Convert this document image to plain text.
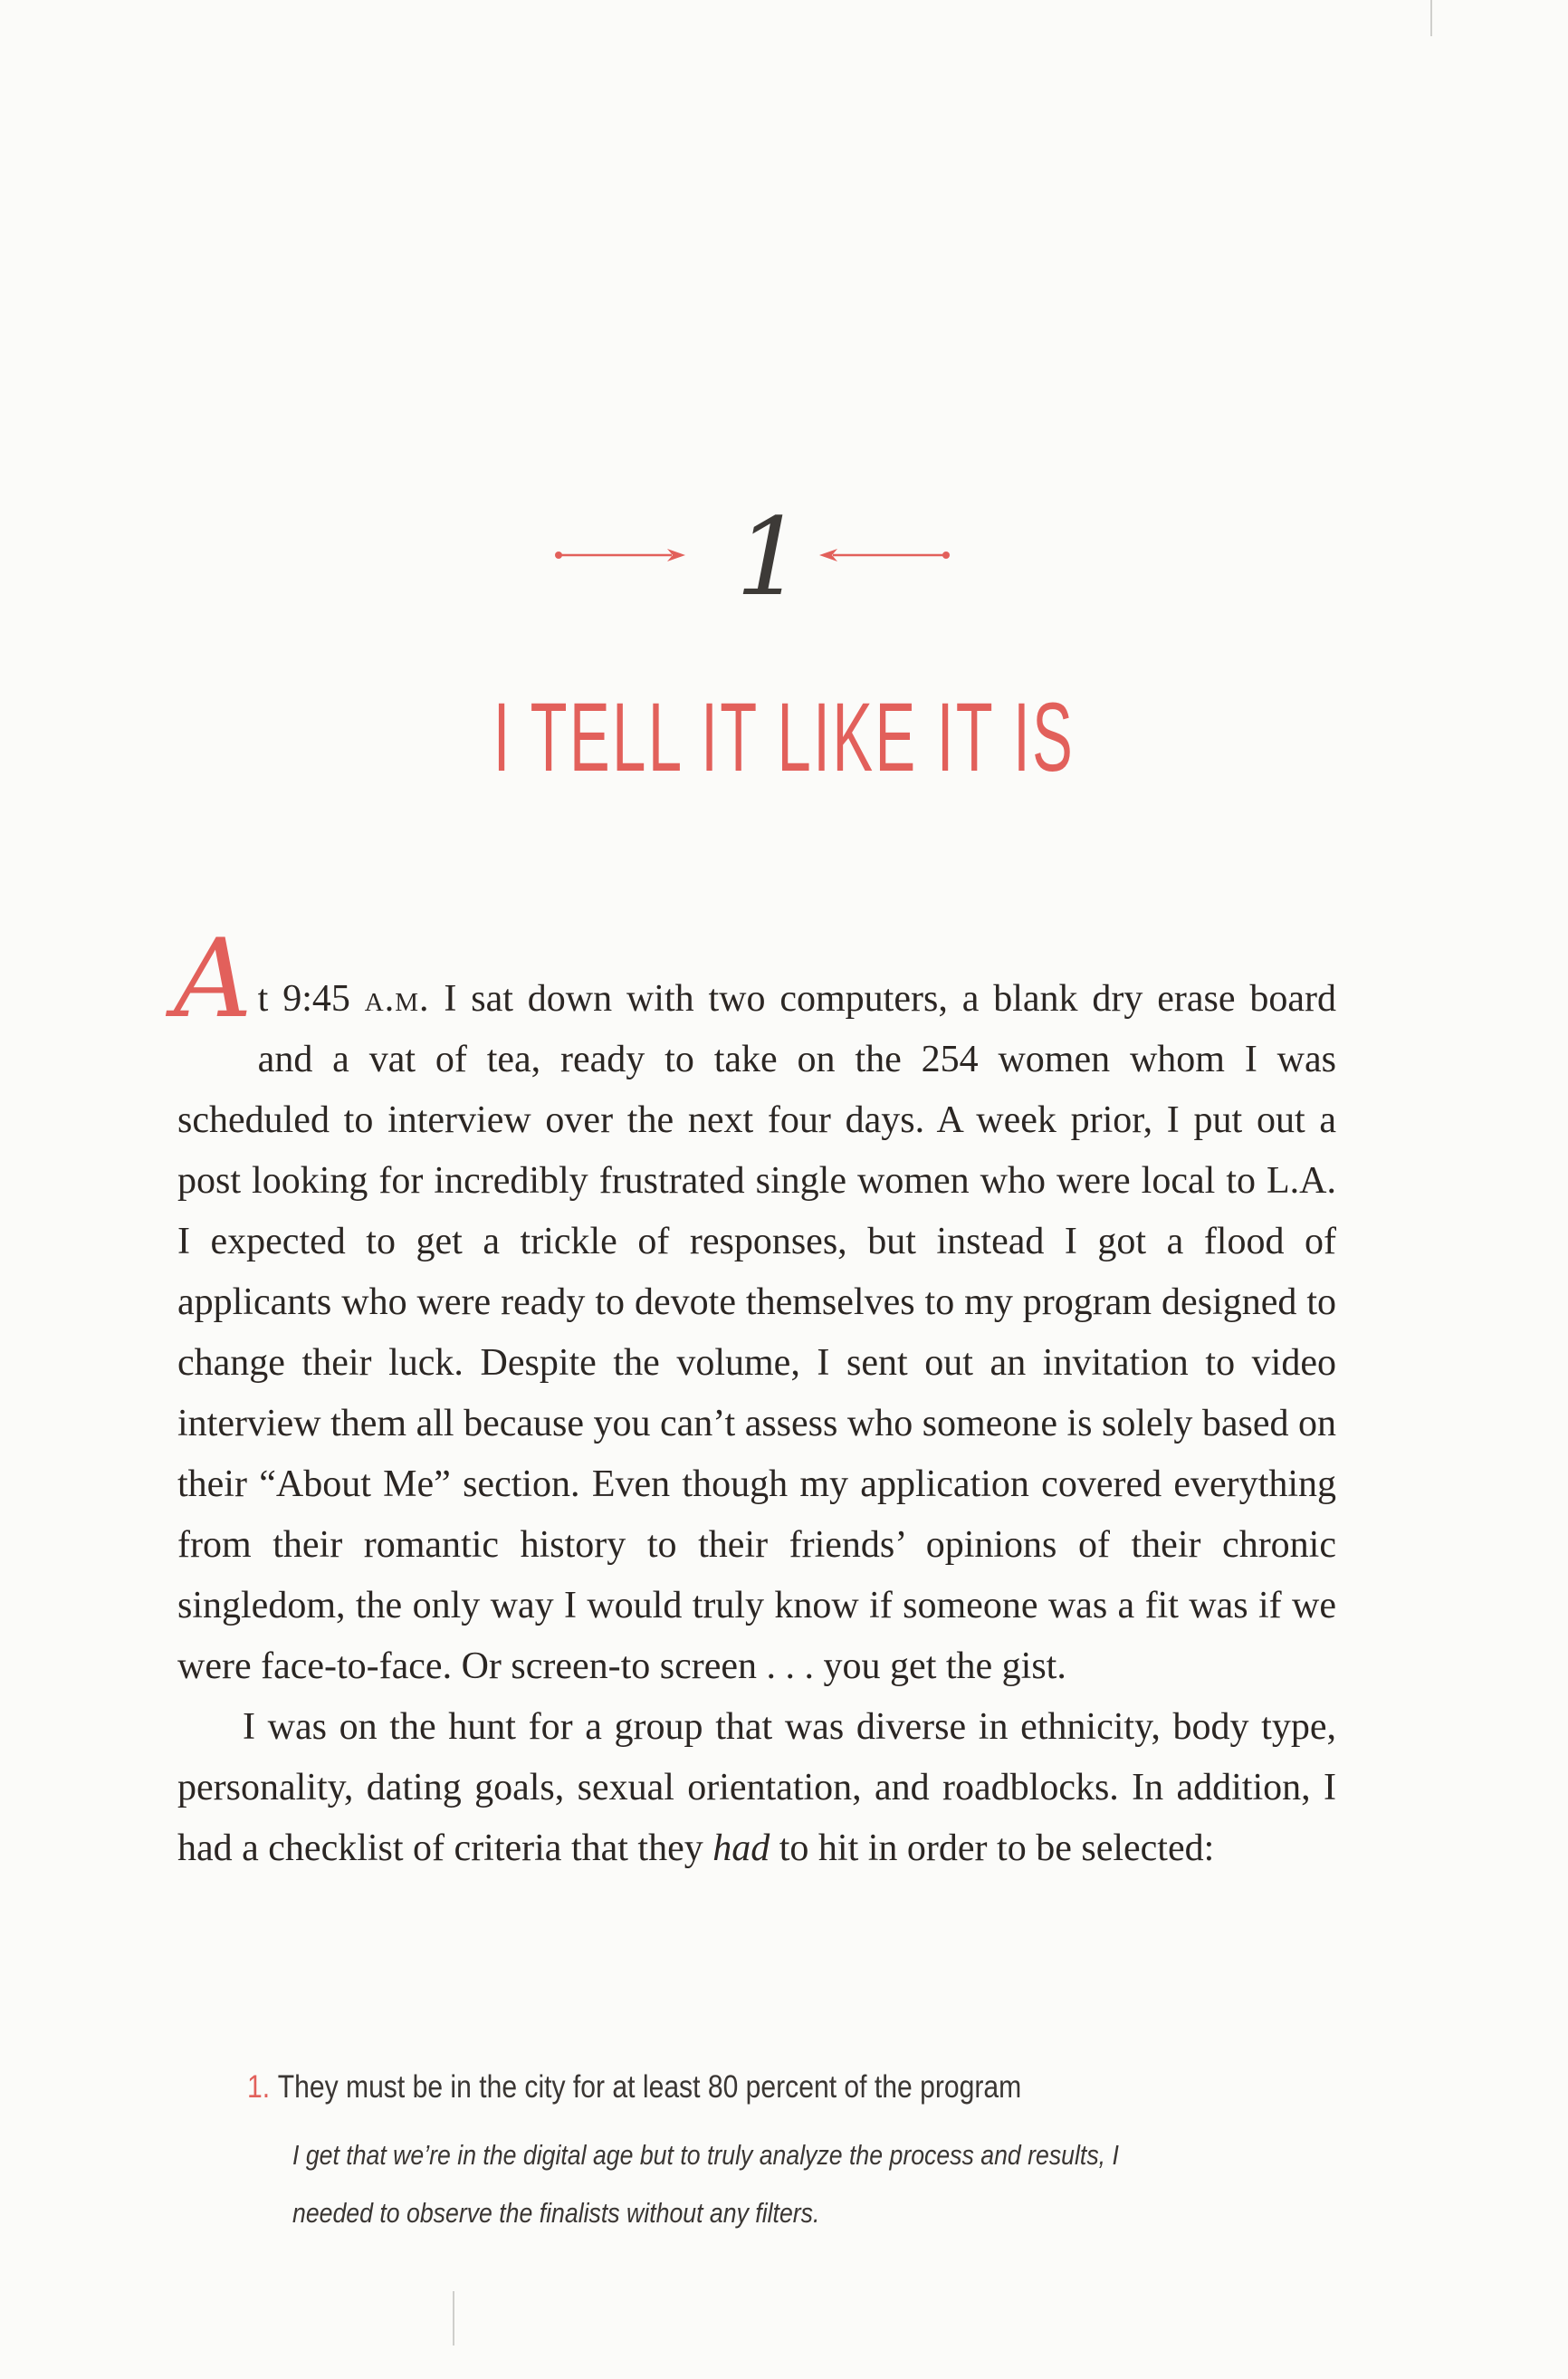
1
I TELL IT LIKE IT IS

At 9:45 a.m. I sat down with two computers, a blank dry erase board and a vat of tea, ready to take on the 254 women whom I was scheduled to interview over the next four days. A week prior, I put out a post looking for incredibly frustrated single women who were local to L.A. I expected to get a trickle of responses, but instead I got a flood of applicants who were ready to devote themselves to my program designed to change their luck. Despite the volume, I sent out an invitation to video interview them all because you can’t assess who someone is solely based on their “About Me” section. Even though my application covered everything from their romantic history to their friends’ opinions of their chronic singledom, the only way I would truly know if someone was a fit was if we were face-to-face. Or screen-to screen . . . you get the gist.

I was on the hunt for a group that was diverse in ethnicity, body type, personality, dating goals, sexual orientation, and roadblocks. In addition, I had a checklist of criteria that they had to hit in order to be selected:

1. They must be in the city for at least 80 percent of the program
I get that we’re in the digital age but to truly analyze the process and results, I
needed to observe the finalists without any filters.
